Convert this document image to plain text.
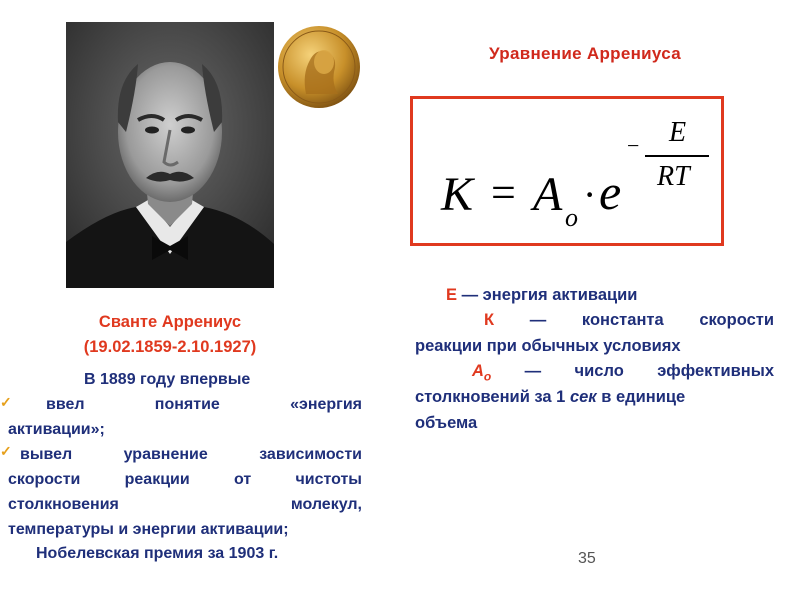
Уравнение Аррениуса
K = A o
· e
− E
RT
E — энергия активации
К — константа скорости
реакции при обычных условиях
$A_o$ — число эффективных
столкновений за 1 сек в единице
объема
Сванте Аррениус
(19.02.1859-2.10.1927)
✓
✓
В 1889 году впервые
ввел	понятие	«энергия
активации»;
вывел	уравнение	зависимости
скорости	реакции	от	чистоты
столкновения	молекул,
температуры и энергии активации;
Нобелевская премия за 1903 г.	35
